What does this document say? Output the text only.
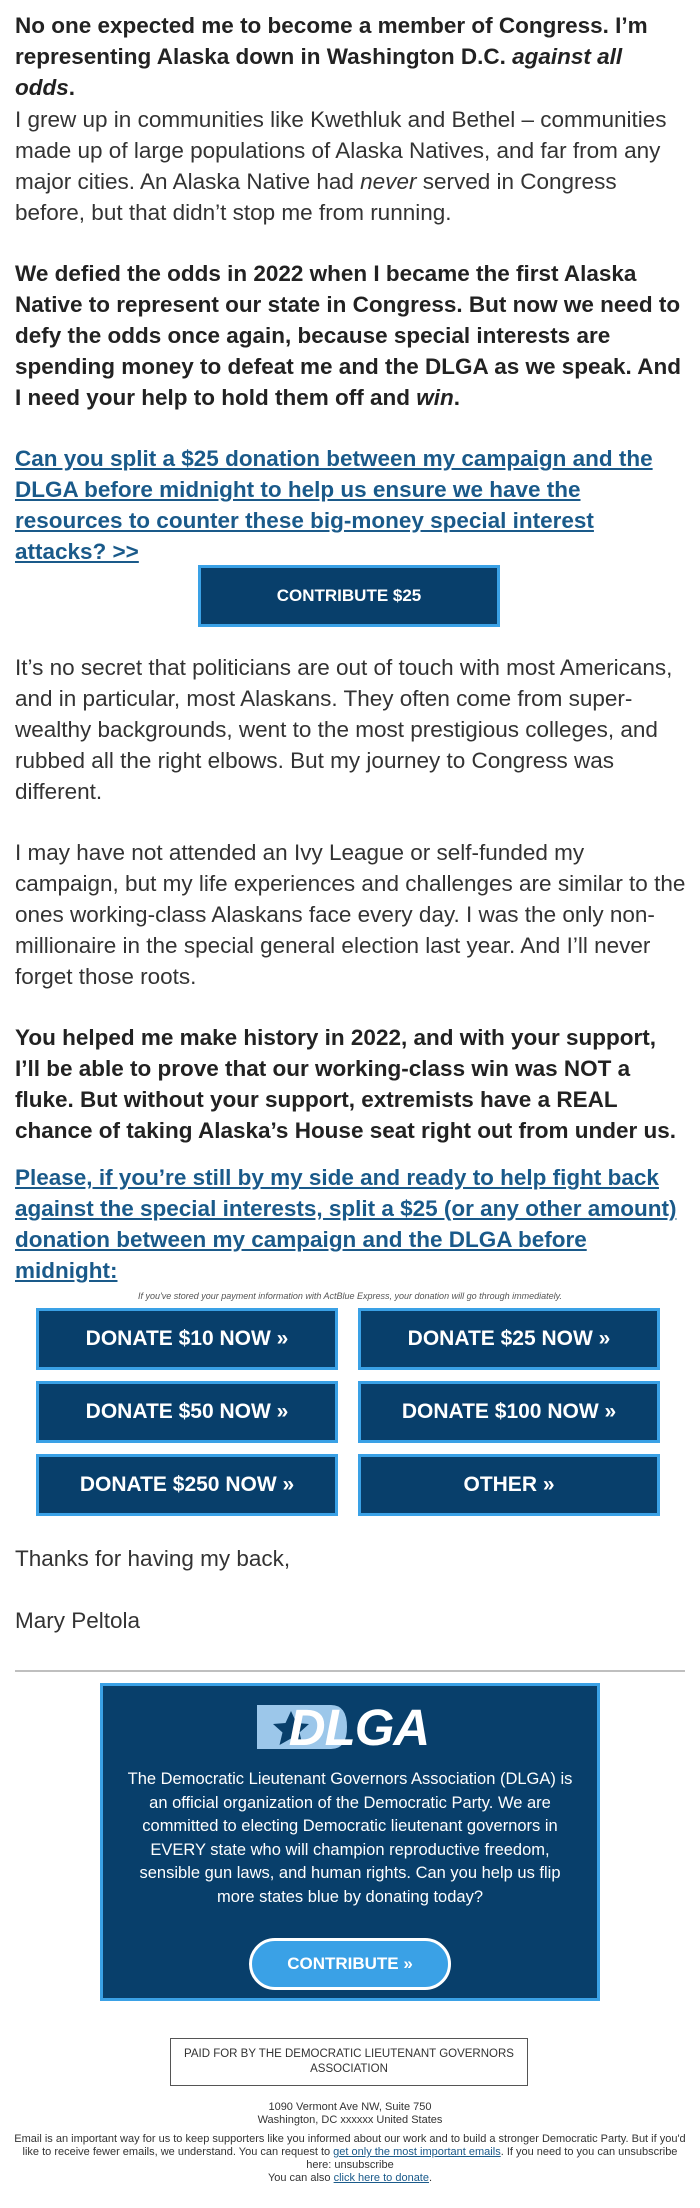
No one expected me to become a member of Congress. I’m representing Alaska down in Washington D.C. against all odds.

I grew up in communities like Kwethluk and Bethel – communities made up of large populations of Alaska Natives, and far from any major cities. An Alaska Native had never served in Congress before, but that didn’t stop me from running.

We defied the odds in 2022 when I became the first Alaska Native to represent our state in Congress. But now we need to defy the odds once again, because special interests are spending money to defeat me and the DLGA as we speak. And I need your help to hold them off and win.

Can you split a $25 donation between my campaign and the DLGA before midnight to help us ensure we have the resources to counter these big-money special interest attacks? >>

CONTRIBUTE $25

It’s no secret that politicians are out of touch with most Americans, and in particular, most Alaskans. They often come from super-wealthy backgrounds, went to the most prestigious colleges, and rubbed all the right elbows. But my journey to Congress was different.

I may have not attended an Ivy League or self-funded my campaign, but my life experiences and challenges are similar to the ones working-class Alaskans face every day. I was the only non-millionaire in the special general election last year. And I’ll never forget those roots.

You helped me make history in 2022, and with your support, I’ll be able to prove that our working-class win was NOT a fluke. But without your support, extremists have a REAL chance of taking Alaska’s House seat right out from under us.

Please, if you’re still by my side and ready to help fight back against the special interests, split a $25 (or any other amount) donation between my campaign and the DLGA before midnight:

If you've stored your payment information with ActBlue Express, your donation will go through immediately.
DONATE $10 NOW »	DONATE $25 NOW »
DONATE $50 NOW »	DONATE $100 NOW »
DONATE $250 NOW »	OTHER »

Thanks for having my back,

Mary Peltola

DLGA

The Democratic Lieutenant Governors Association (DLGA) is an official organization of the Democratic Party. We are committed to electing Democratic lieutenant governors in EVERY state who will champion reproductive freedom, sensible gun laws, and human rights. Can you help us flip more states blue by donating today?

CONTRIBUTE »
PAID FOR BY THE DEMOCRATIC LIEUTENANT GOVERNORS ASSOCIATION
1090 Vermont Ave NW, Suite 750
Washington, DC xxxxxx United States
Email is an important way for us to keep supporters like you informed about our work and to build a stronger Democratic Party. But if you'd like to receive fewer emails, we understand. You can request to get only the most important emails. If you need to you can unsubscribe here: unsubscribe
You can also click here to donate.
